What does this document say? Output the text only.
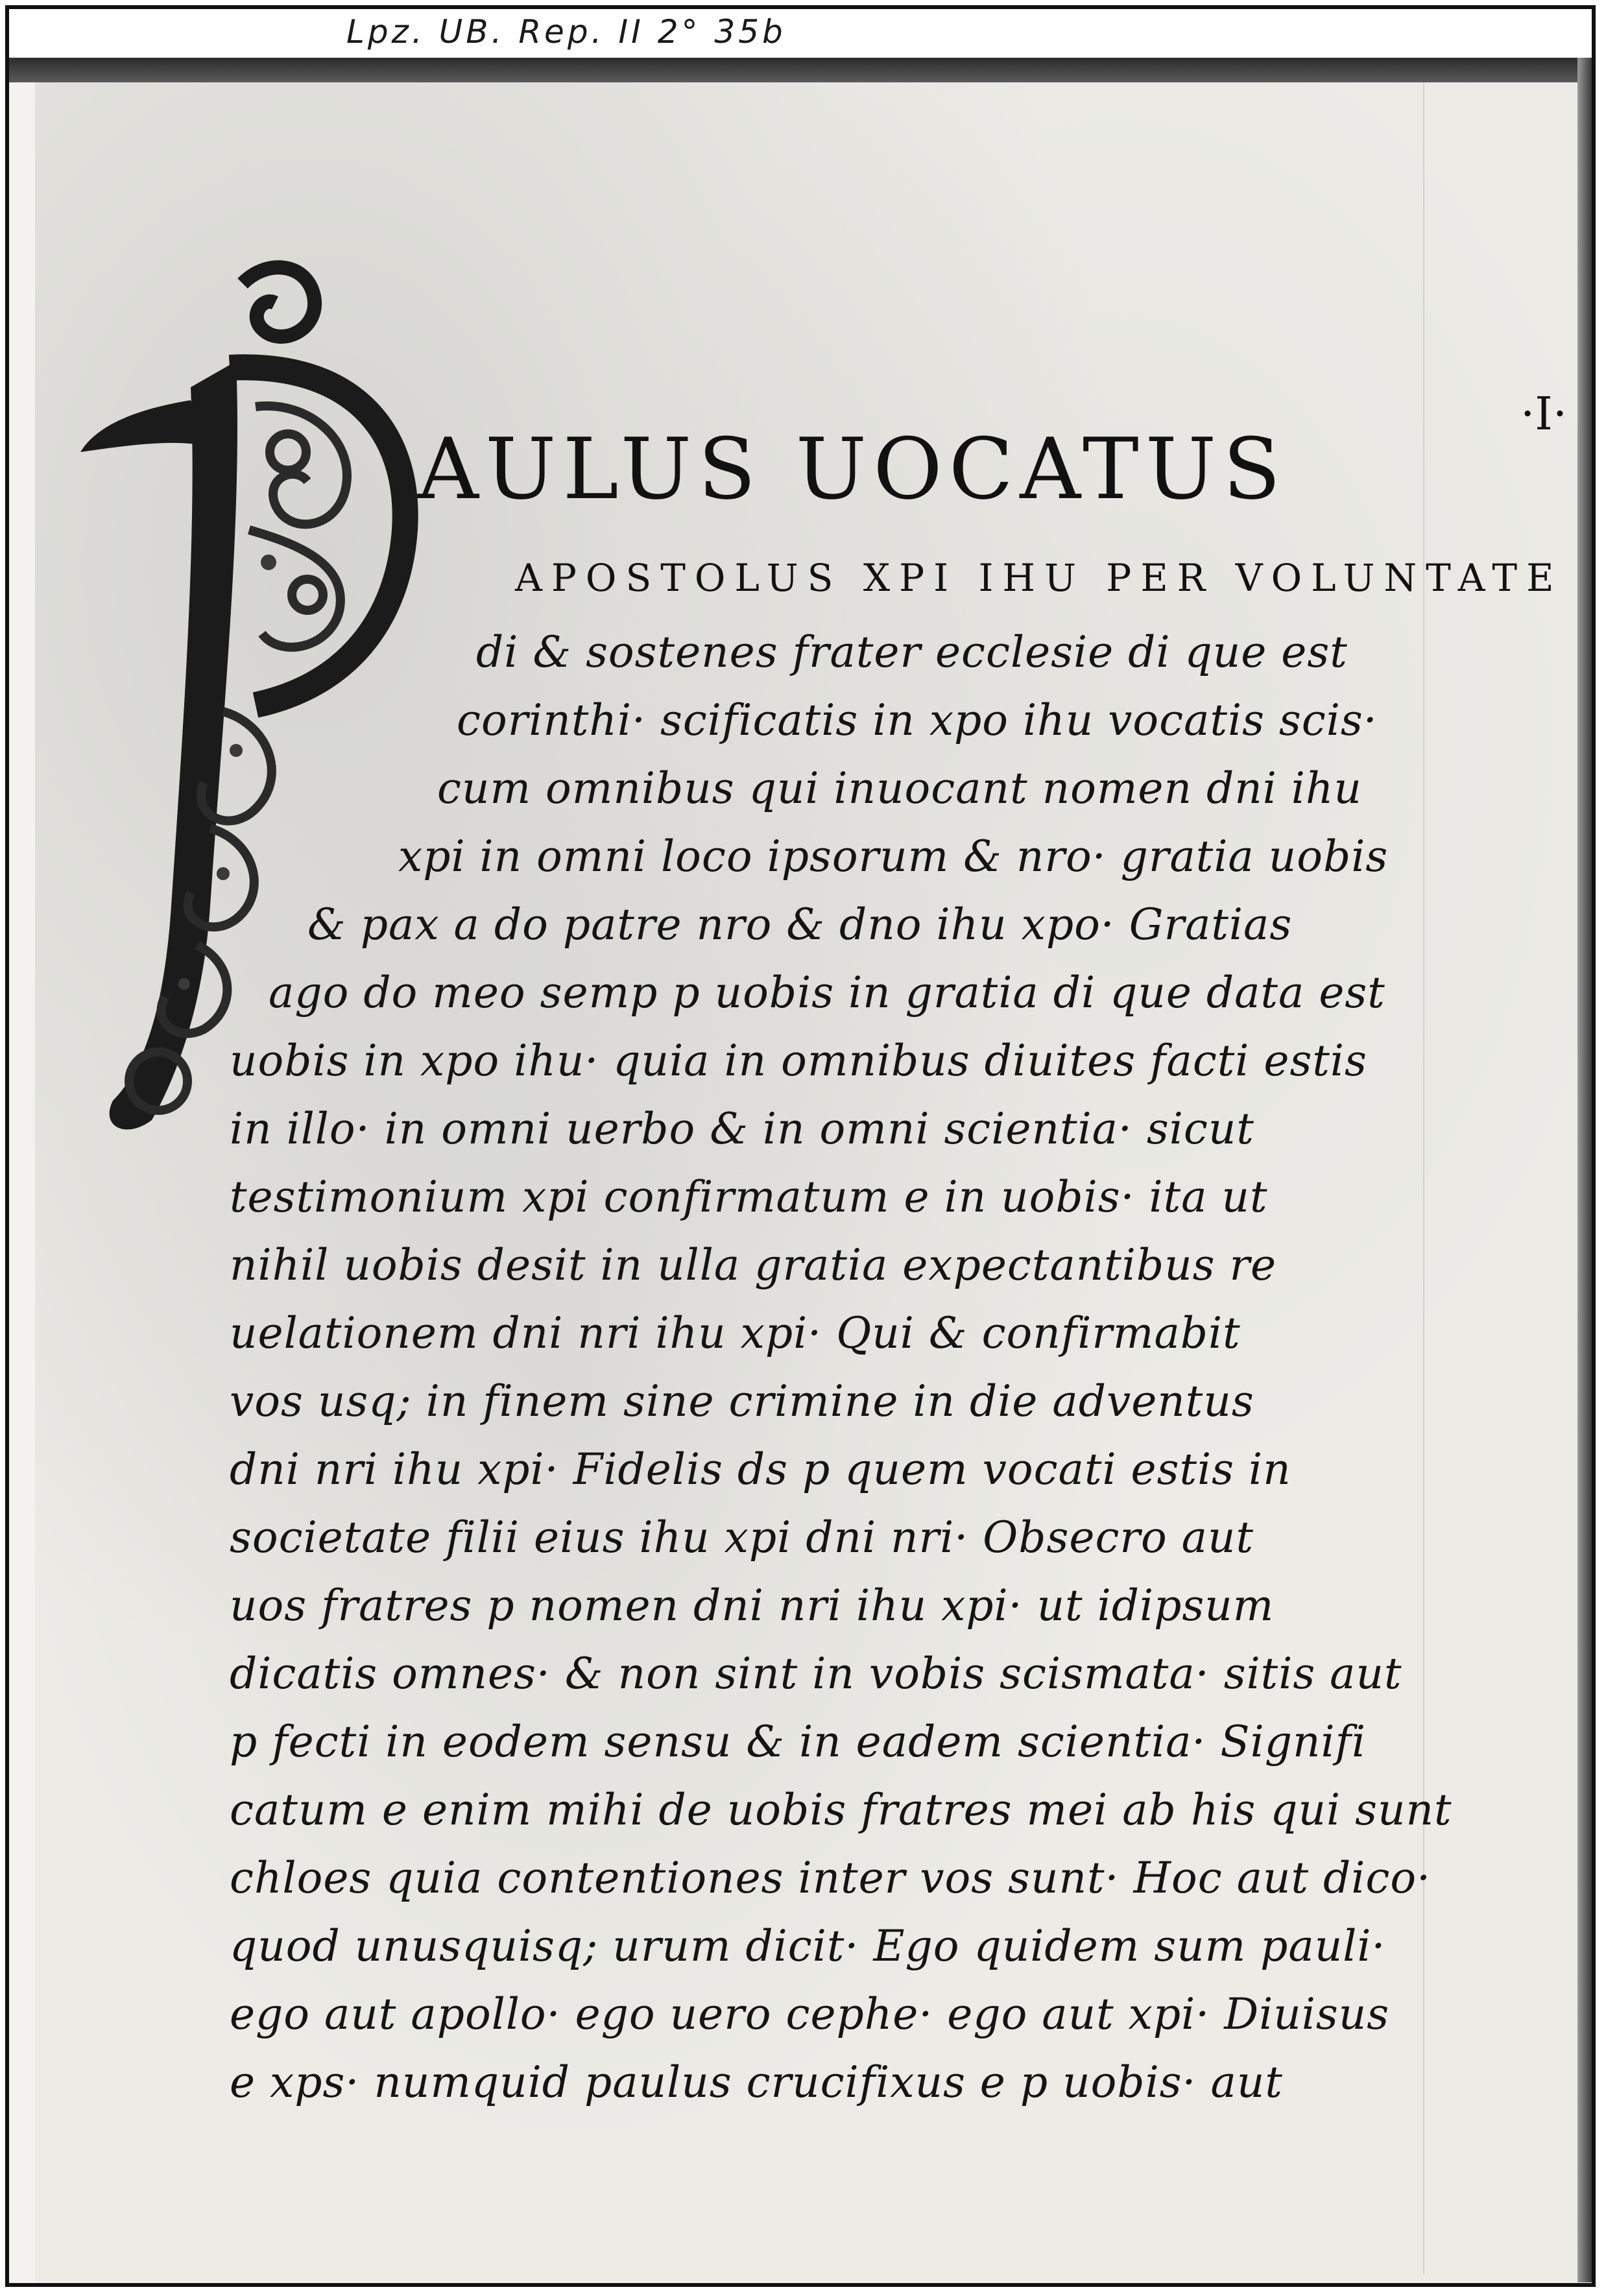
Lpz. UB. Rep. II 2° 35b
·I·
AULUS UOCATUS
APOSTOLUS XPI IHU PER VOLUNTATE
di & sostenes frater ecclesie di que est
corinthi· scificatis in xpo ihu vocatis scis·
cum omnibus qui inuocant nomen dni ihu
xpi in omni loco ipsorum & nro· gratia uobis
& pax a do patre nro & dno ihu xpo· Gratias
ago do meo semp p uobis in gratia di que data est
uobis in xpo ihu· quia in omnibus diuites facti estis
in illo· in omni uerbo & in omni scientia· sicut
testimonium xpi confirmatum e in uobis· ita ut
nihil uobis desit in ulla gratia expectantibus re
uelationem dni nri ihu xpi· Qui & confirmabit
vos usq; in finem sine crimine in die adventus
dni nri ihu xpi· Fidelis ds p quem vocati estis in
societate filii eius ihu xpi dni nri· Obsecro aut
uos fratres p nomen dni nri ihu xpi· ut idipsum
dicatis omnes· & non sint in vobis scismata· sitis aut
p fecti in eodem sensu & in eadem scientia· Signifi
catum e enim mihi de uobis fratres mei ab his qui sunt
chloes quia contentiones inter vos sunt· Hoc aut dico·
quod unusquisq; urum dicit· Ego quidem sum pauli·
ego aut apollo· ego uero cephe· ego aut xpi· Diuisus
e xps· numquid paulus crucifixus e p uobis· aut
